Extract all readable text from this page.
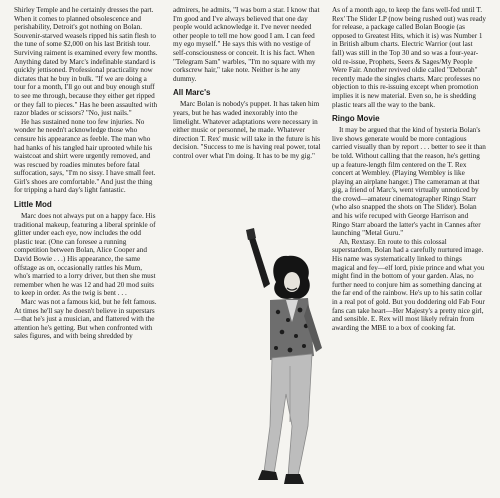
Shirley Temple and he certainly dresses the part. When it comes to planned obsolescence and perishability, Detroit's got nothing on Bolan. Souvenir-starved weasels ripped his satin flesh to the tune of some $2,000 on his last British tour. Surviving raiment is examined every few months. Anything dated by Marc's indefinable standard is quickly jettisoned. Professional practicality now dictates that he buy in bulk. "If we are doing a tour for a month, I'll go out and buy enough stuff to see me through, because they either get ripped or they fall to pieces." Has he been assaulted with razor blades or scissors? "No, just nails."

He has sustained none too few injuries. No wonder he needn't acknowledge those who censure his appearance as feeble. The man who had hanks of his tangled hair uprooted while his waistcoat and shirt were urgently removed, and was rescued by roadies minutes before fatal suffocation, says, "I'm no sissy. I have small feet. Girl's shoes are comfortable." And just the thing for tripping a hard day's light fantastic.

Little Mod

Marc does not always put on a happy face. His traditional makeup, featuring a liberal sprinkle of glitter under each eye, now includes the odd plastic tear. (One can foresee a running competition between Bolan, Alice Cooper and David Bowie . . .) His appearance, the same offstage as on, occasionally rattles his Mum, who's married to a lorry driver, but then she must remember when he was 12 and had 20 mod suits to keep in order. As the twig is bent . . .

Marc was not a famous kid, but he felt famous. At times he'll say he doesn't believe in superstars—that he's just a musician, and flattered with the attention he's getting. But when confronted with sales figures, and with being shredded by

admirers, he admits, "I was born a star. I know that I'm good and I've always believed that one day people would acknowledge it. I've never needed other people to tell me how good I am. I can feed my ego myself." He says this with no vestige of self-consciousness or conceit. It is his fact. When "Telegram Sam" warbles, "I'm no square with my corkscrew hair," take note. Neither is he any dummy.

All Marc's

Marc Bolan is nobody's puppet. It has taken him years, but he has waded inexorably into the limelight. Whatever adaptations were necessary in either music or personnel, he made. Whatever direction T. Rex' music will take in the future is his decision. "Success to me is having real power, total control over what I'm doing. It has to be my gig."

As of a month ago, to keep the fans well-fed until T. Rex' The Slider LP (now being rushed out) was ready for release, a package called Bolan Boogie (as opposed to Greatest Hits, which it is) was Number 1 in British album charts. Electric Warrior (out last fall) was still in the Top 30 and so was a four-year-old re-issue, Prophets, Seers & Sages/My People Were Fair. Another revived oldie called "Deborah" recently made the singles charts. Marc professes no objection to this re-issuing except when promotion implies it is new material. Even so, he is shedding plastic tears all the way to the bank.

Ringo Movie

It may be argued that the kind of hysteria Bolan's live shows generate would be more contagious carried visually than by report . . . better to see it than be told. Without calling that the reason, he's getting up a feature-length film centered on the T. Rex concert at Wembley. (Playing Wembley is like playing an airplane hanger.) The cameraman at that gig, a friend of Marc's, went virtually unnoticed by the crowd—amateur cinematographer Ringo Starr (who also snapped the shots on The Slider). Bolan and his wife recuped with George Harrison and Ringo Starr aboard the latter's yacht in Cannes after launching "Metal Guru."

Ah, Rextasy. En route to this colossal superstardom, Bolan had a carefully nurtured image. His name was systematically linked to things magical and fey—elf lord, pixie prince and what you might find in the bottom of your garden. Alas, no further need to conjure him as something dancing at the far end of the rainbow. He's up to his satin collar in a real pot of gold. But you doddering old Fab Four fans can take heart—Her Majesty's a pretty nice girl, and sensible. E. Rex will most likely refrain from awarding the MBE to a box of cooking fat.
